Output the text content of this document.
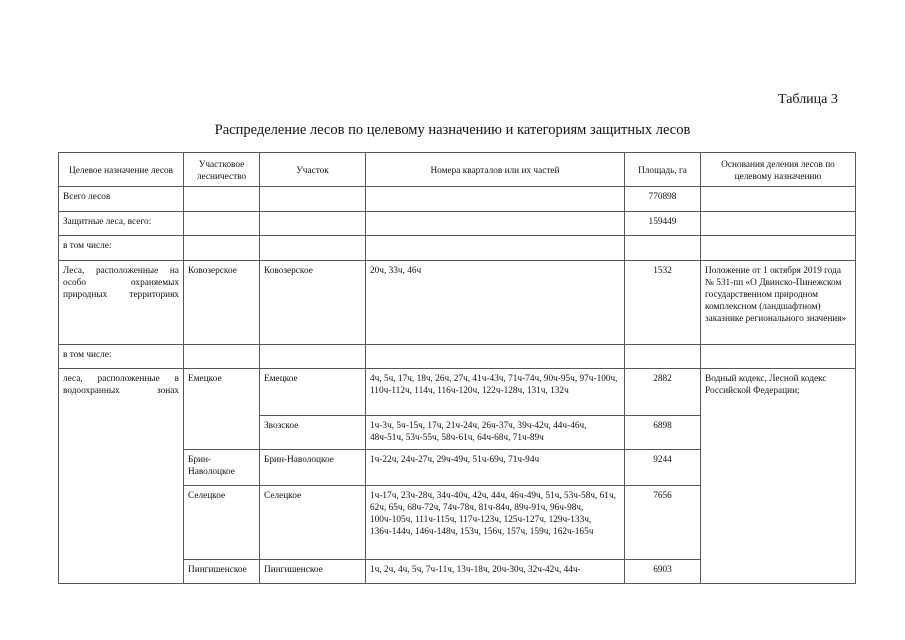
Таблица 3
Распределение лесов по целевому назначению и категориям защитных лесов
Целевое назначение лесов	Участковое лесничество	Участок	Номера кварталов или их частей	Площадь, га	Основания деления лесов по целевому назначению
Всего лесов				770898	
Защитные леса, всего:				159449	
в том числе:					
Леса, расположенные на особо охраняемых природных территориях	Ковозерское	Ковозерское	20ч, 33ч, 46ч	1532	Положение от 1 октября 2019 года № 531-пп «О Двинско-Пинежском государственном природном комплексном (ландшафтном) заказнике регионального значения»
в том числе:					
леса, расположенные в водоохранных зонах	Емецкое	Емецкое	4ч, 5ч, 17ч, 18ч, 26ч, 27ч, 41ч-43ч, 71ч-74ч, 90ч-95ч, 97ч-100ч, 110ч-112ч, 114ч, 116ч-120ч, 122ч-128ч, 131ч, 132ч	2882	Водный кодекс, Лесной кодекс Российской Федерации;
		Звозское	1ч-3ч, 5ч-15ч, 17ч, 21ч-24ч, 26ч-37ч, 39ч-42ч, 44ч-46ч, 48ч-51ч, 53ч-55ч, 58ч-61ч, 64ч-68ч, 71ч-89ч	6898	
	Брин-Наволоцкое	Брин-Наволоцкое	1ч-22ч, 24ч-27ч, 29ч-49ч, 51ч-69ч, 71ч-94ч	9244	
	Селецкое	Селецкое	1ч-17ч, 23ч-28ч, 34ч-40ч, 42ч, 44ч, 46ч-49ч, 51ч, 53ч-58ч, 61ч, 62ч, 65ч, 68ч-72ч, 74ч-78ч, 81ч-84ч, 89ч-91ч, 96ч-98ч, 100ч-105ч, 111ч-115ч, 117ч-123ч, 125ч-127ч, 129ч-133ч, 136ч-144ч, 146ч-148ч, 153ч, 156ч, 157ч, 159ч, 162ч-165ч	7656	
	Пингишенское	Пингишенское	1ч, 2ч, 4ч, 5ч, 7ч-11ч, 13ч-18ч, 20ч-30ч, 32ч-42ч, 44ч-	6903	
